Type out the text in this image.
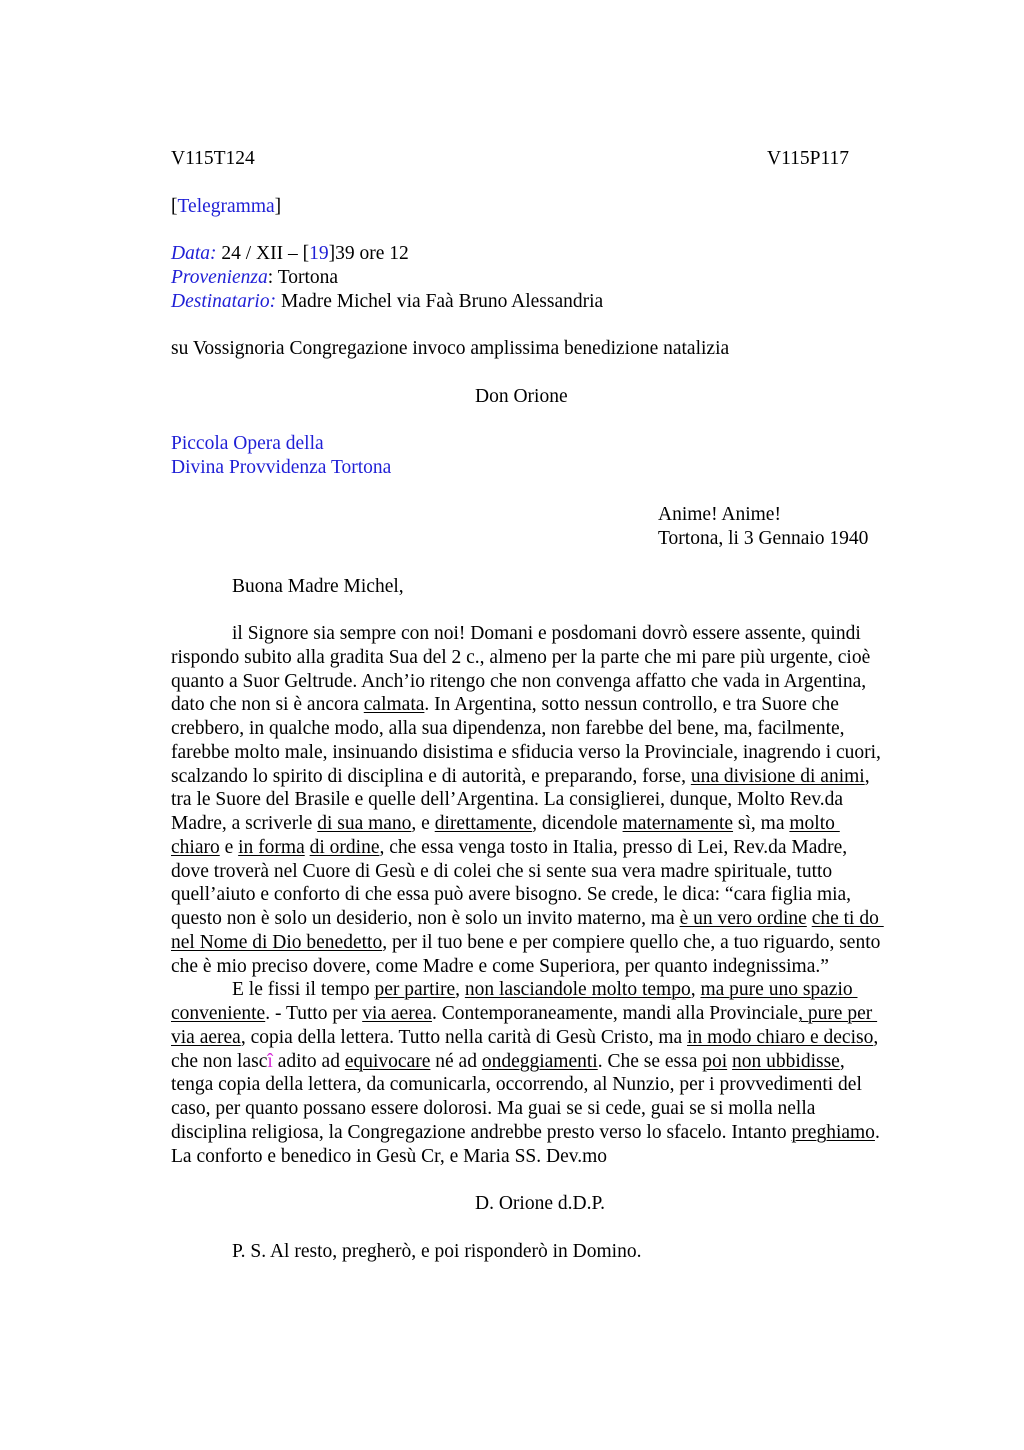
V115T124	V115P117
[Telegramma]
Data: 24 / XII – [19]39 ore 12
Provenienza: Tortona
Destinatario: Madre Michel via Faà Bruno Alessandria
su Vossignoria Congregazione invoco amplissima benedizione natalizia
Don Orione
Piccola Opera della
Divina Provvidenza Tortona
Anime! Anime!
Tortona, li 3 Gennaio 1940
Buona Madre Michel,
il Signore sia sempre con noi! Domani e posdomani dovrò essere assente, quindi
rispondo subito alla gradita Sua del 2 c., almeno per la parte che mi pare più urgente, cioè
quanto a Suor Geltrude. Anch’io ritengo che non convenga affatto che vada in Argentina,
dato che non si è ancora calmata. In Argentina, sotto nessun controllo, e tra Suore che
crebbero, in qualche modo, alla sua dipendenza, non farebbe del bene, ma, facilmente,
farebbe molto male, insinuando disistima e sfiducia verso la Provinciale, inagrendo i cuori,
scalzando lo spirito di disciplina e di autorità, e preparando, forse, una divisione di animi,
tra le Suore del Brasile e quelle dell’Argentina. La consiglierei, dunque, Molto Rev.da
Madre, a scriverle di sua mano, e direttamente, dicendole maternamente sì, ma molto
chiaro e in forma di ordine, che essa venga tosto in Italia, presso di Lei, Rev.da Madre,
dove troverà nel Cuore di Gesù e di colei che si sente sua vera madre spirituale, tutto
quell’aiuto e conforto di che essa può avere bisogno. Se crede, le dica: “cara figlia mia,
questo non è solo un desiderio, non è solo un invito materno, ma è un vero ordine che ti do
nel Nome di Dio benedetto, per il tuo bene e per compiere quello che, a tuo riguardo, sento
che è mio preciso dovere, come Madre e come Superiora, per quanto indegnissima.”
E le fissi il tempo per partire, non lasciandole molto tempo, ma pure uno spazio
conveniente. - Tutto per via aerea. Contemporaneamente, mandi alla Provinciale, pure per
via aerea, copia della lettera. Tutto nella carità di Gesù Cristo, ma in modo chiaro e deciso,
che non lascî adito ad equivocare né ad ondeggiamenti. Che se essa poi non ubbidisse,
tenga copia della lettera, da comunicarla, occorrendo, al Nunzio, per i provvedimenti del
caso, per quanto possano essere dolorosi. Ma guai se si cede, guai se si molla nella
disciplina religiosa, la Congregazione andrebbe presto verso lo sfacelo. Intanto preghiamo.
La conforto e benedico in Gesù Cr, e Maria SS. Dev.mo
D. Orione d.D.P.
P. S. Al resto, pregherò, e poi risponderò in Domino.
